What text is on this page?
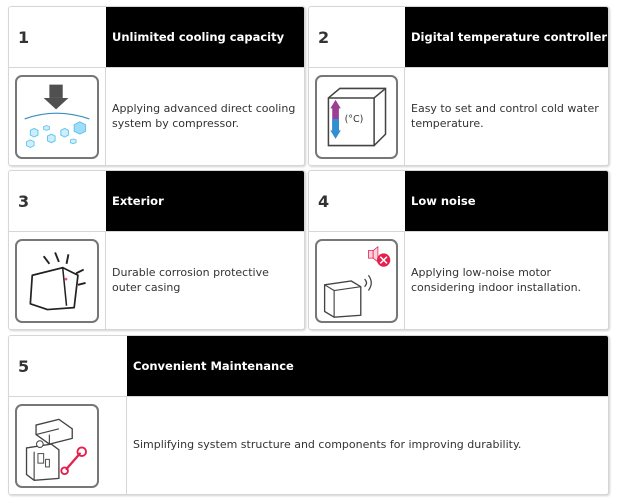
1	Unlimited cooling capacity
Applying advanced direct cooling system by compressor.
2	Digital temperature controller
(°C)
Easy to set and control cold water temperature.
3	Exterior
Durable corrosion protective outer casing
4	Low noise
Applying low-noise motor considering indoor installation.
5	Convenient Maintenance
Simplifying system structure and components for improving durability.
